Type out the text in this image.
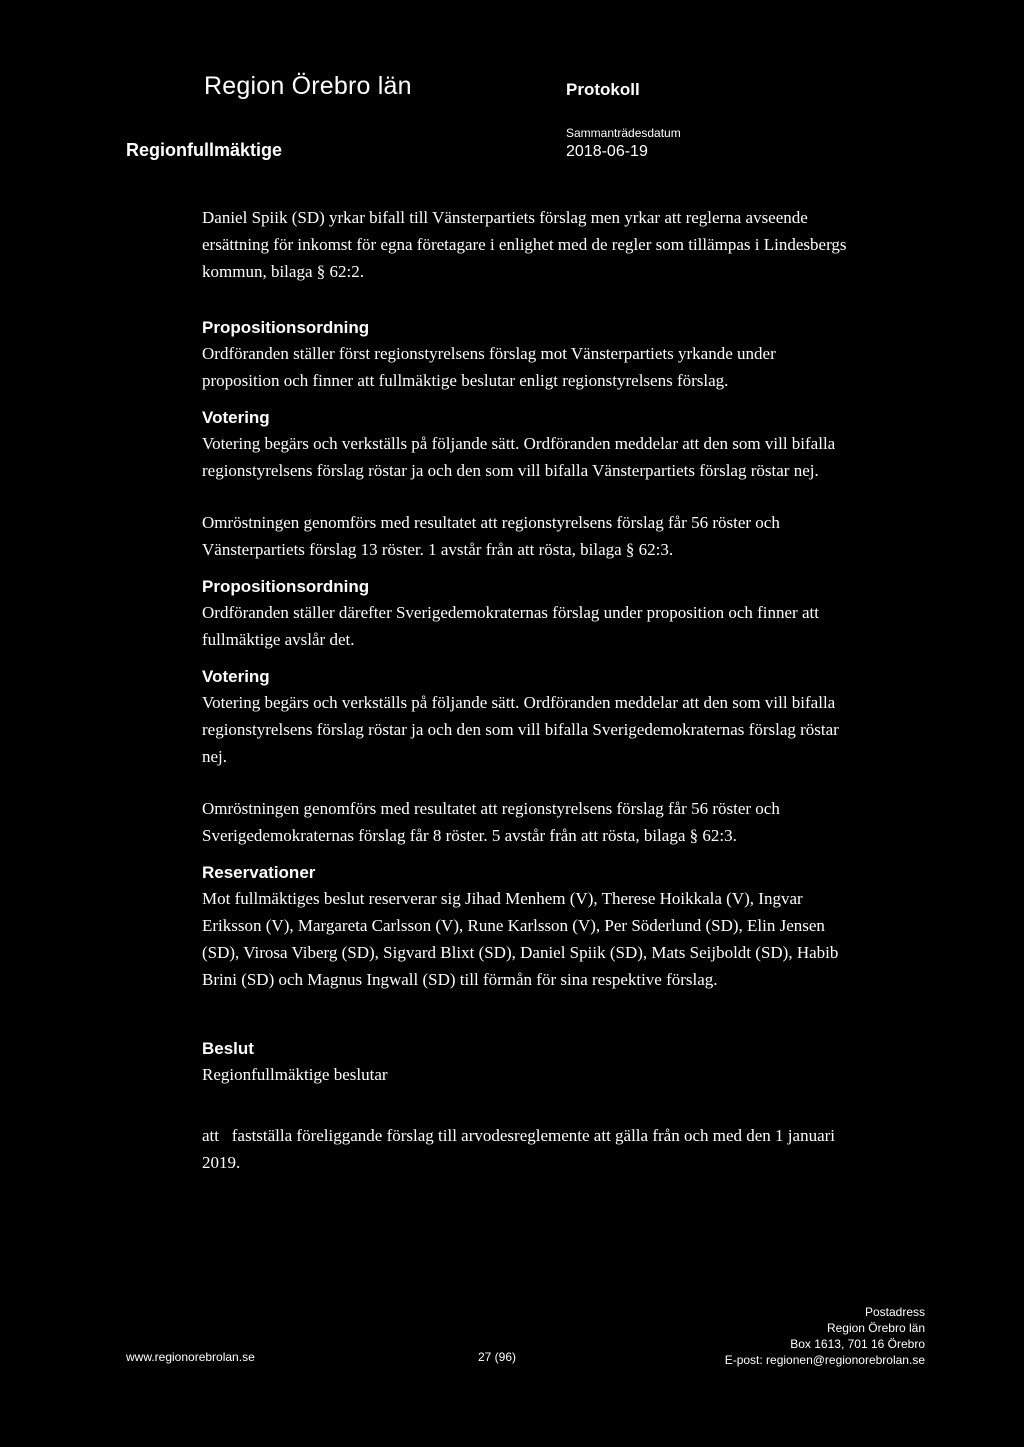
Region Örebro län	Protokoll
Regionfullmäktige
Sammanträdesdatum
2018-06-19

Daniel Spiik (SD) yrkar bifall till Vänsterpartiets förslag men yrkar att reglerna avseende ersättning för inkomst för egna företagare i enlighet med de regler som tillämpas i Lindesbergs kommun, bilaga § 62:2.

Propositionsordning

Ordföranden ställer först regionstyrelsens förslag mot Vänsterpartiets yrkande under proposition och finner att fullmäktige beslutar enligt regionstyrelsens förslag.

Votering

Votering begärs och verkställs på följande sätt. Ordföranden meddelar att den som vill bifalla regionstyrelsens förslag röstar ja och den som vill bifalla Vänsterpartiets förslag röstar nej.

Omröstningen genomförs med resultatet att regionstyrelsens förslag får 56 röster och Vänsterpartiets förslag 13 röster. 1 avstår från att rösta, bilaga § 62:3.

Propositionsordning

Ordföranden ställer därefter Sverigedemokraternas förslag under proposition och finner att fullmäktige avslår det.

Votering

Votering begärs och verkställs på följande sätt. Ordföranden meddelar att den som vill bifalla regionstyrelsens förslag röstar ja och den som vill bifalla Sverigedemokraternas förslag röstar nej.

Omröstningen genomförs med resultatet att regionstyrelsens förslag får 56 röster och Sverigedemokraternas förslag får 8 röster. 5 avstår från att rösta, bilaga § 62:3.

Reservationer

Mot fullmäktiges beslut reserverar sig Jihad Menhem (V), Therese Hoikkala (V), Ingvar Eriksson (V), Margareta Carlsson (V), Rune Karlsson (V), Per Söderlund (SD), Elin Jensen (SD), Virosa Viberg (SD), Sigvard Blixt (SD), Daniel Spiik (SD), Mats Seijboldt (SD), Habib Brini (SD) och Magnus Ingwall (SD) till förmån för sina respektive förslag.

Beslut

Regionfullmäktige beslutar

att   fastställa föreliggande förslag till arvodesreglemente att gälla från och med den 1 januari 2019.

www.regionorebrolan.se	27 (96)
Postadress
Region Örebro län
Box 1613, 701 16 Örebro
E-post: regionen@regionorebrolan.se
